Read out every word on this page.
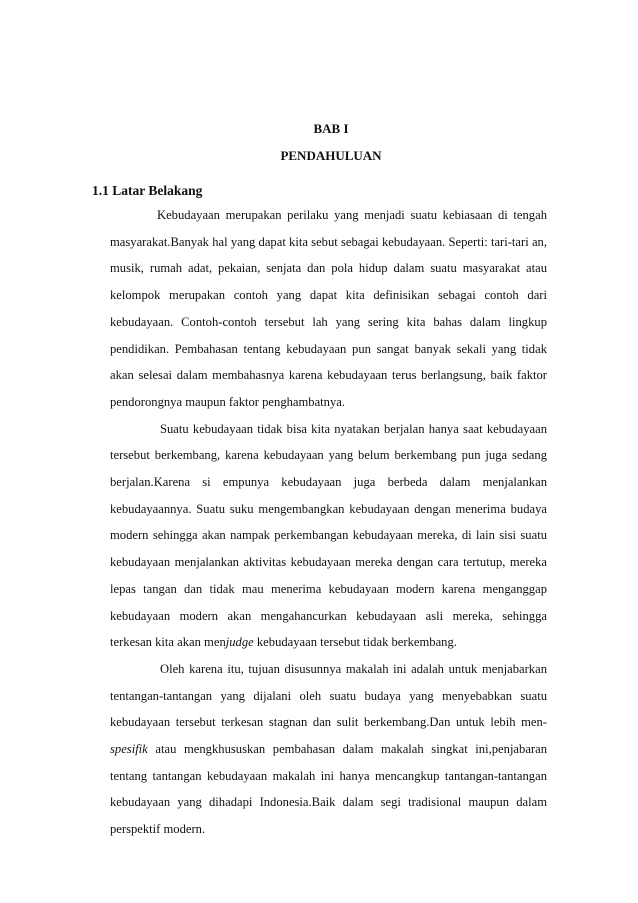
BAB I
PENDAHULUAN
1.1 Latar Belakang

Kebudayaan merupakan perilaku yang menjadi suatu kebiasaan di tengah masyarakat.Banyak hal yang dapat kita sebut sebagai kebudayaan. Seperti: tari-tari an, musik, rumah adat, pekaian, senjata dan pola hidup dalam suatu masyarakat atau kelompok merupakan contoh yang dapat kita definisikan sebagai contoh dari kebudayaan. Contoh-contoh tersebut lah yang sering kita bahas dalam lingkup pendidikan. Pembahasan tentang kebudayaan pun sangat banyak sekali yang tidak akan selesai dalam membahasnya karena kebudayaan terus berlangsung, baik faktor pendorongnya maupun faktor penghambatnya.

Suatu kebudayaan tidak bisa kita nyatakan berjalan hanya saat kebudayaan tersebut berkembang, karena kebudayaan yang belum berkembang pun juga sedang berjalan.Karena si empunya kebudayaan juga berbeda dalam menjalankan kebudayaannya. Suatu suku mengembangkan kebudayaan dengan menerima budaya modern sehingga akan nampak perkembangan kebudayaan mereka, di lain sisi suatu kebudayaan menjalankan aktivitas kebudayaan mereka dengan cara tertutup, mereka lepas tangan dan tidak mau menerima kebudayaan modern karena menganggap kebudayaan modern akan mengahancurkan kebudayaan asli mereka, sehingga terkesan kita akan menjudge kebudayaan tersebut tidak berkembang.

Oleh karena itu, tujuan disusunnya makalah ini adalah untuk menjabarkan tentangan-tantangan yang dijalani oleh suatu budaya yang menyebabkan suatu kebudayaan tersebut terkesan stagnan dan sulit berkembang.Dan untuk lebih men-spesifik atau mengkhususkan pembahasan dalam makalah singkat ini,penjabaran tentang tantangan kebudayaan makalah ini hanya mencangkup tantangan-tantangan kebudayaan yang dihadapi Indonesia.Baik dalam segi tradisional maupun dalam perspektif modern.
